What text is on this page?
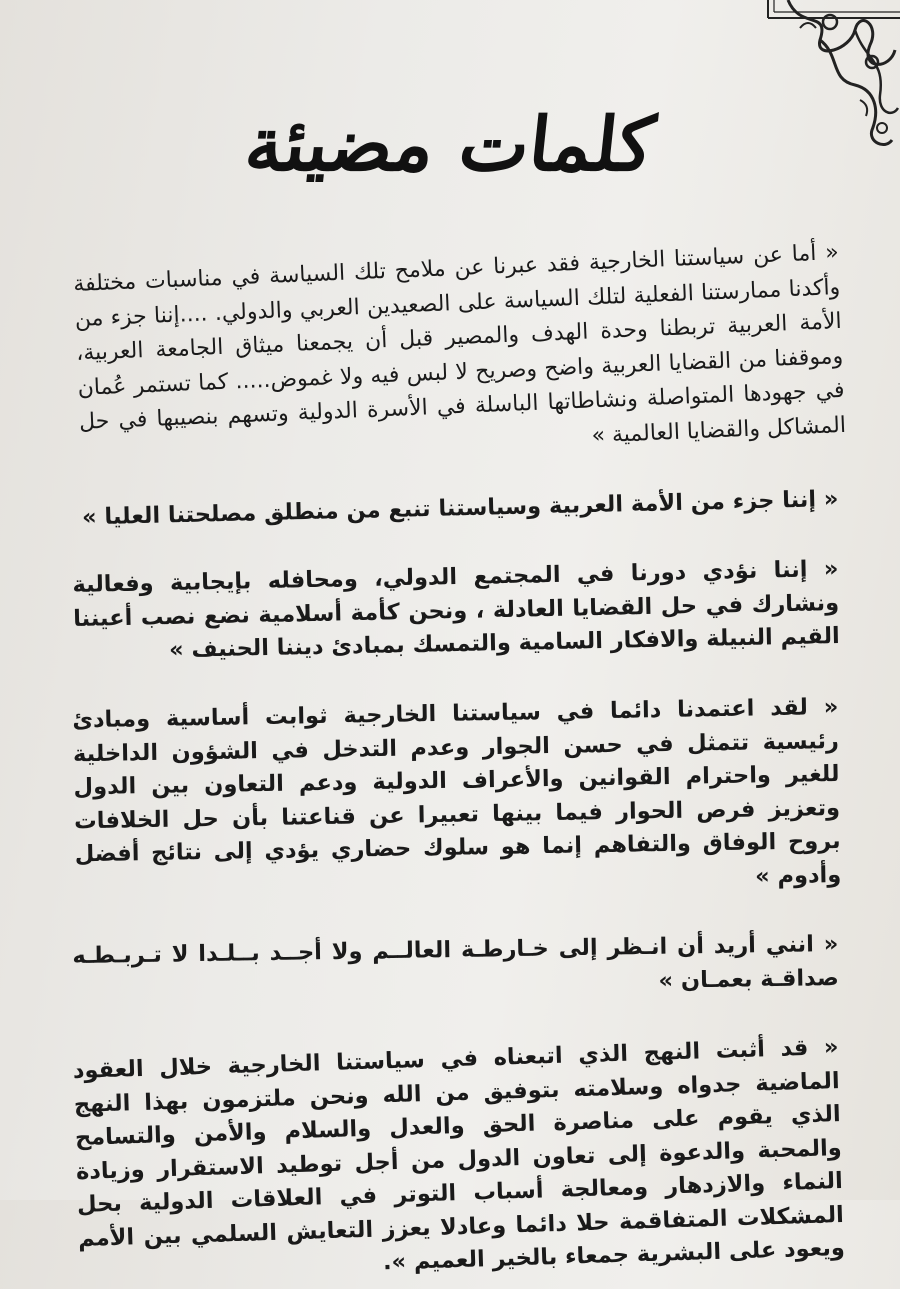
كلمات مضيئة

« أما عن سياستنا الخارجية فقد عبرنا عن ملامح تلك السياسة في مناسبات مختلفة وأكدنا ممارستنا الفعلية لتلك السياسة على الصعيدين العربي والدولي. ....إننا جزء من الأمة العربية تربطنا وحدة الهدف والمصير قبل أن يجمعنا ميثاق الجامعة العربية، وموقفنا من القضايا العربية واضح وصريح لا لبس فيه ولا غموض..... كما تستمر عُمان في جهودها المتواصلة ونشاطاتها الباسلة في الأسرة الدولية وتسهم بنصيبها في حل المشاكل والقضايا العالمية »

« إننا جزء من الأمة العربية وسياستنا تنبع من منطلق مصلحتنا العليا »

« إننا نؤدي دورنا في المجتمع الدولي، ومحافله بإيجابية وفعالية ونشارك في حل القضايا العادلة ، ونحن كأمة أسلامية نضع نصب أعيننا القيم النبيلة والافكار السامية والتمسك بمبادئ ديننا الحنيف »

« لقد اعتمدنا دائما في سياستنا الخارجية ثوابت أساسية ومبادئ رئيسية تتمثل في حسن الجوار وعدم التدخل في الشؤون الداخلية للغير واحترام القوانين والأعراف الدولية ودعم التعاون بين الدول وتعزيز فرص الحوار فيما بينها تعبيرا عن قناعتنا بأن حل الخلافات بروح الوفاق والتفاهم إنما هو سلوك حضاري يؤدي إلى نتائج أفضل وأدوم »

« انني أريد أن انـظر إلى خـارطـة العالــم ولا أجــد بــلـدا لا تـربـطـه صداقـة بعمـان »

« قد أثبت النهج الذي اتبعناه في سياستنا الخارجية خلال العقود الماضية جدواه وسلامته بتوفيق من الله ونحن ملتزمون بهذا النهج الذي يقوم على مناصرة الحق والعدل والسلام والأمن والتسامح والمحبة والدعوة إلى تعاون الدول من أجل توطيد الاستقرار وزيادة النماء والازدهار ومعالجة أسباب التوتر في العلاقات الدولية بحل المشكلات المتفاقمة حلا دائما وعادلا يعزز التعايش السلمي بين الأمم ويعود على البشرية جمعاء بالخير العميم ».
